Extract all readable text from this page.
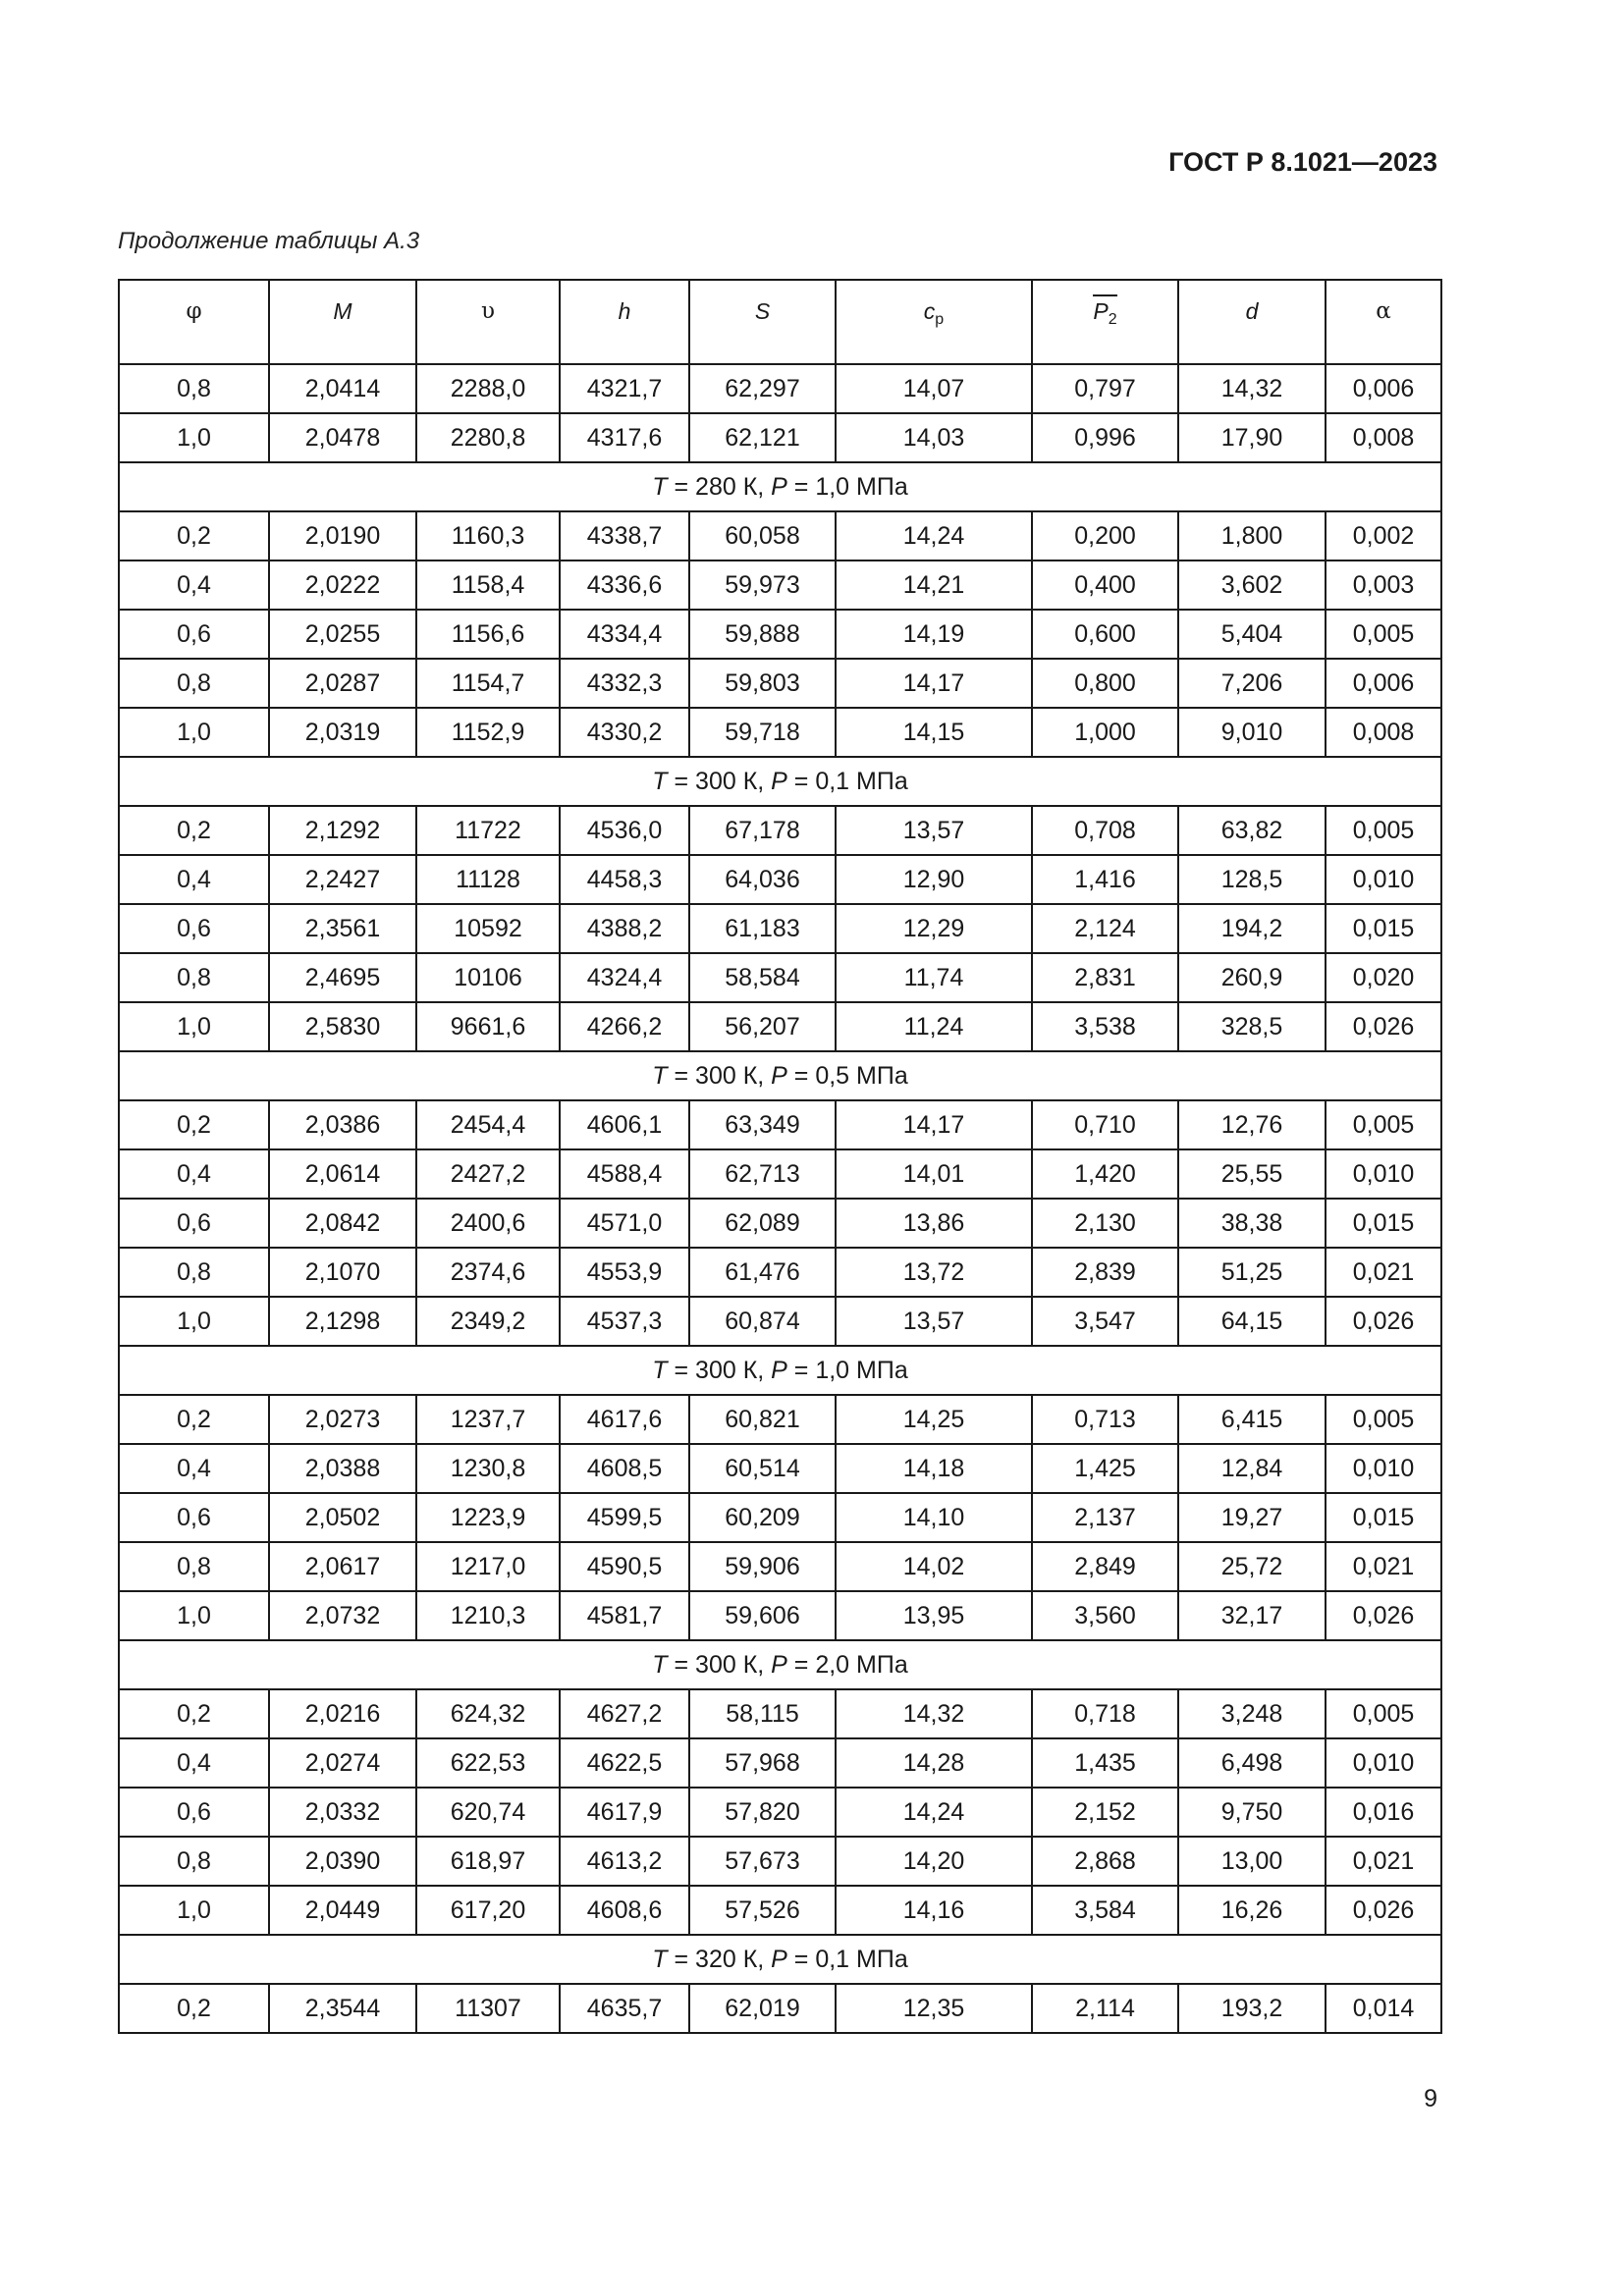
ГОСТ Р 8.1021—2023
Продолжение таблицы А.3
φ	M	υ	h	S	$c_p$	$P_2$	d	α
0,8	2,0414	2288,0	4321,7	62,297	14,07	0,797	14,32	0,006
1,0	2,0478	2280,8	4317,6	62,121	14,03	0,996	17,90	0,008
T = 280 К, P = 1,0 МПа								
0,2	2,0190	1160,3	4338,7	60,058	14,24	0,200	1,800	0,002
0,4	2,0222	1158,4	4336,6	59,973	14,21	0,400	3,602	0,003
0,6	2,0255	1156,6	4334,4	59,888	14,19	0,600	5,404	0,005
0,8	2,0287	1154,7	4332,3	59,803	14,17	0,800	7,206	0,006
1,0	2,0319	1152,9	4330,2	59,718	14,15	1,000	9,010	0,008
T = 300 К, P = 0,1 МПа								
0,2	2,1292	11722	4536,0	67,178	13,57	0,708	63,82	0,005
0,4	2,2427	11128	4458,3	64,036	12,90	1,416	128,5	0,010
0,6	2,3561	10592	4388,2	61,183	12,29	2,124	194,2	0,015
0,8	2,4695	10106	4324,4	58,584	11,74	2,831	260,9	0,020
1,0	2,5830	9661,6	4266,2	56,207	11,24	3,538	328,5	0,026
T = 300 К, P = 0,5 МПа								
0,2	2,0386	2454,4	4606,1	63,349	14,17	0,710	12,76	0,005
0,4	2,0614	2427,2	4588,4	62,713	14,01	1,420	25,55	0,010
0,6	2,0842	2400,6	4571,0	62,089	13,86	2,130	38,38	0,015
0,8	2,1070	2374,6	4553,9	61,476	13,72	2,839	51,25	0,021
1,0	2,1298	2349,2	4537,3	60,874	13,57	3,547	64,15	0,026
T = 300 К, P = 1,0 МПа								
0,2	2,0273	1237,7	4617,6	60,821	14,25	0,713	6,415	0,005
0,4	2,0388	1230,8	4608,5	60,514	14,18	1,425	12,84	0,010
0,6	2,0502	1223,9	4599,5	60,209	14,10	2,137	19,27	0,015
0,8	2,0617	1217,0	4590,5	59,906	14,02	2,849	25,72	0,021
1,0	2,0732	1210,3	4581,7	59,606	13,95	3,560	32,17	0,026
T = 300 К, P = 2,0 МПа								
0,2	2,0216	624,32	4627,2	58,115	14,32	0,718	3,248	0,005
0,4	2,0274	622,53	4622,5	57,968	14,28	1,435	6,498	0,010
0,6	2,0332	620,74	4617,9	57,820	14,24	2,152	9,750	0,016
0,8	2,0390	618,97	4613,2	57,673	14,20	2,868	13,00	0,021
1,0	2,0449	617,20	4608,6	57,526	14,16	3,584	16,26	0,026
T = 320 К, P = 0,1 МПа								
0,2	2,3544	11307	4635,7	62,019	12,35	2,114	193,2	0,014
9
